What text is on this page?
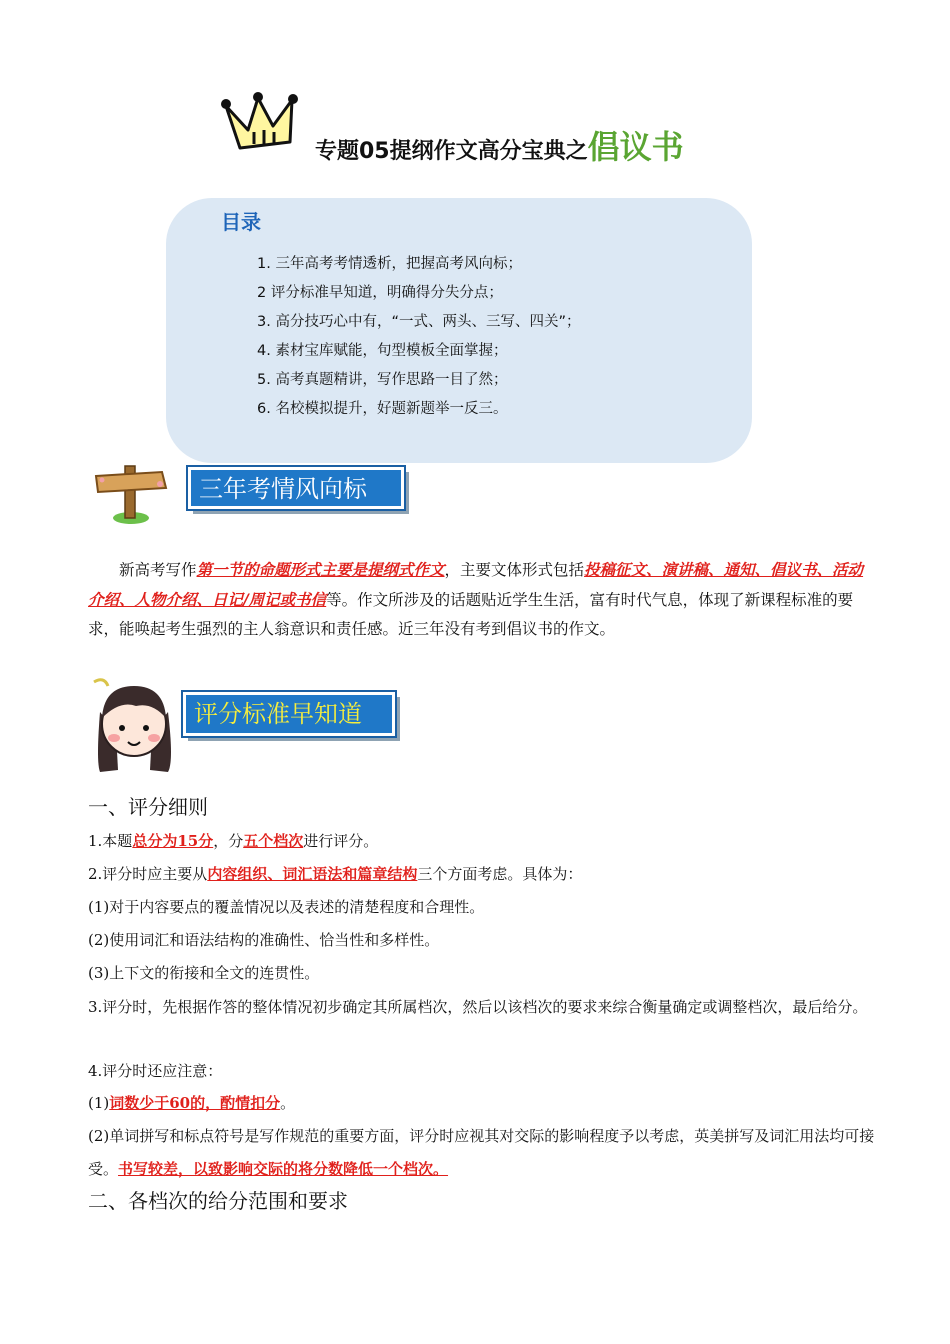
专题05提纲作文高分宝典之倡议书
目录
1. 三年高考考情透析，把握高考风向标；
2 评分标准早知道，明确得分失分点；
3. 高分技巧心中有，“一式、两头、三写、四关”；
4. 素材宝库赋能，句型模板全面掌握；
5. 高考真题精讲，写作思路一目了然；
6. 名校模拟提升，好题新题举一反三。
三年考情风向标
新高考写作第一节的命题形式主要是提纲式作文，主要文体形式包括投稿征文、演讲稿、通知、倡议书、活动介绍、人物介绍、日记/周记或书信等。作文所涉及的话题贴近学生生活，富有时代气息，体现了新课程标准的要求，能唤起考生强烈的主人翁意识和责任感。近三年没有考到倡议书的作文。
评分标准早知道
一、评分细则
1.本题总分为15分，分五个档次进行评分。
2.评分时应主要从内容组织、词汇语法和篇章结构三个方面考虑。具体为：
(1)对于内容要点的覆盖情况以及表述的清楚程度和合理性。
(2)使用词汇和语法结构的准确性、恰当性和多样性。
(3)上下文的衔接和全文的连贯性。
3.评分时，先根据作答的整体情况初步确定其所属档次，然后以该档次的要求来综合衡量确定或调整档次，最后给分。
4.评分时还应注意：
(1)词数少于60的，酌情扣分。
(2)单词拼写和标点符号是写作规范的重要方面，评分时应视其对交际的影响程度予以考虑，英美拼写及词汇用法均可接受。书写较差，以致影响交际的将分数降低一个档次。
二、各档次的给分范围和要求
